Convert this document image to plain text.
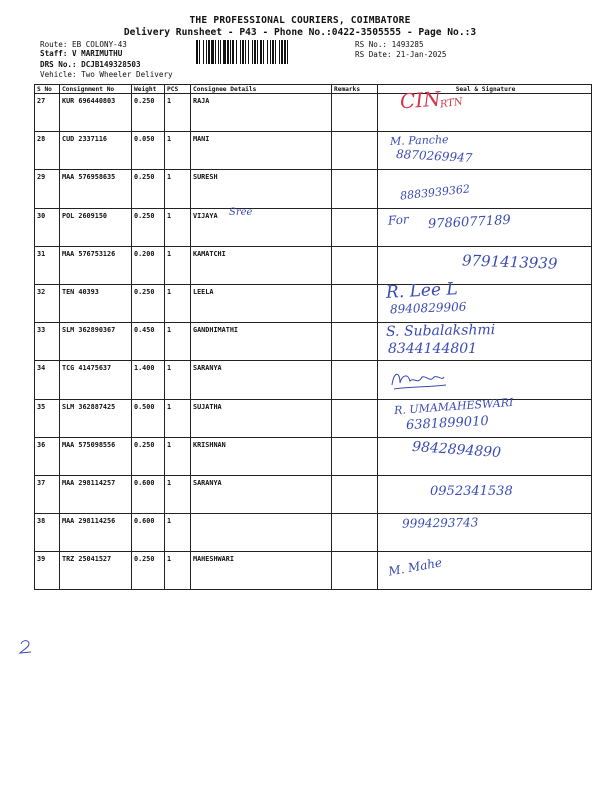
THE PROFESSIONAL COURIERS, COIMBATORE
Delivery Runsheet - P43 - Phone No.:0422-3505555 - Page No.:3
Route: EB COLONY-43
Staff: V MARIMUTHU
DRS No.: DCJB149328503
Vehicle: Two Wheeler Delivery
RS No.: 1493285
RS Date: 21-Jan-2025
S No	Consignment No	Weight	PCS	Consignee Details	Remarks	Seal & Signature
27	KUR 696440803	0.250	1	RAJA		CIN
RTN

28	CUD 2337116	0.050	1	MANI		M. Panche
8870269947

29	MAA 576958635	0.250	1	SURESH		8883939362

30	POL 2609150	0.250	1	VIJAYA Sree		For 9786077189

31	MAA 576753126	0.200	1	KAMATCHI		9791413939

32	TEN 40393	0.250	1	LEELA		R. Lee L
8940829906

33	SLM 362890367	0.450	1	GANDHIMATHI		S. Subalakshmi
8344144801

34	TCG 41475637	1.400	1	SARANYA		

35	SLM 362887425	0.500	1	SUJATHA		R. UMAMAHESWARI
6381899010

36	MAA 575098556	0.250	1	KRISHNAN		9842894890

37	MAA 298114257	0.600	1	SARANYA		0952341538

38	MAA 298114256	0.600	1			9994293743

39	TRZ 25041527	0.250	1	MAHESHWARI		M. Mahe
